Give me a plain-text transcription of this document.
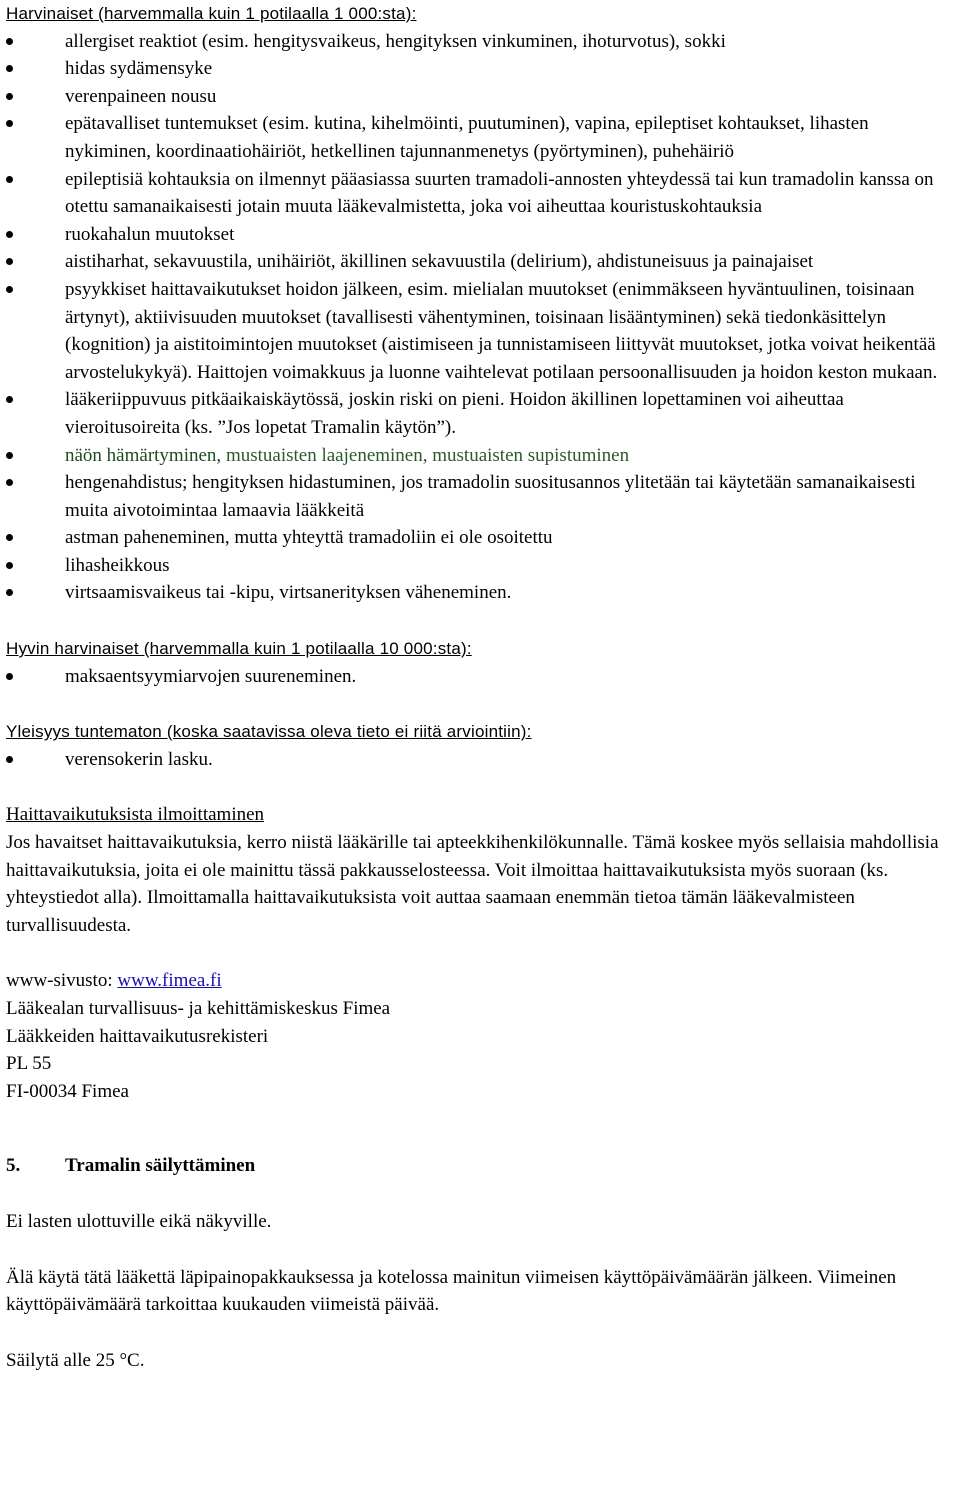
Harvinaiset (harvemmalla kuin 1 potilaalla 1 000:sta):

allergiset reaktiot (esim. hengitysvaikeus, hengityksen vinkuminen, ihoturvotus), sokki
hidas sydämensyke
verenpaineen nousu
epätavalliset tuntemukset (esim. kutina, kihelmöinti, puutuminen), vapina, epileptiset kohtaukset, lihasten nykiminen, koordinaatiohäiriöt, hetkellinen tajunnanmenetys (pyörtyminen), puhehäiriö
epileptisiä kohtauksia on ilmennyt pääasiassa suurten tramadoli-annosten yhteydessä tai kun tramadolin kanssa on otettu samanaikaisesti jotain muuta lääkevalmistetta, joka voi aiheuttaa kouristuskohtauksia
ruokahalun muutokset
aistiharhat, sekavuustila, unihäiriöt, äkillinen sekavuustila (delirium), ahdistuneisuus ja painajaiset
psyykkiset haittavaikutukset hoidon jälkeen, esim. mielialan muutokset (enimmäkseen hyväntuulinen, toisinaan ärtynyt), aktiivisuuden muutokset (tavallisesti vähentyminen, toisinaan lisääntyminen) sekä tiedonkäsittelyn (kognition) ja aistitoimintojen muutokset (aistimiseen ja tunnistamiseen liittyvät muutokset, jotka voivat heikentää arvostelukykyä). Haittojen voimakkuus ja luonne vaihtelevat potilaan persoonallisuuden ja hoidon keston mukaan.
lääkeriippuvuus pitkäaikaiskäytössä, joskin riski on pieni. Hoidon äkillinen lopettaminen voi aiheuttaa vieroitusoireita (ks. ”Jos lopetat Tramalin käytön”).
näön hämärtyminen, mustuaisten laajeneminen, mustuaisten supistuminen
hengenahdistus; hengityksen hidastuminen, jos tramadolin suositusannos ylitetään tai käytetään samanaikaisesti muita aivotoimintaa lamaavia lääkkeitä
astman paheneminen, mutta yhteyttä tramadoliin ei ole osoitettu
lihasheikkous
virtsaamisvaikeus tai -kipu, virtsanerityksen väheneminen.

Hyvin harvinaiset (harvemmalla kuin 1 potilaalla 10 000:sta):

maksaentsyymiarvojen suureneminen.

Yleisyys tuntematon (koska saatavissa oleva tieto ei riitä arviointiin):

verensokerin lasku.

Haittavaikutuksista ilmoittaminen

Jos havaitset haittavaikutuksia, kerro niistä lääkärille tai apteekkihenkilökunnalle. Tämä koskee myös sellaisia mahdollisia haittavaikutuksia, joita ei ole mainittu tässä pakkausselosteessa. Voit ilmoittaa haittavaikutuksista myös suoraan (ks. yhteystiedot alla). Ilmoittamalla haittavaikutuksista voit auttaa saamaan enemmän tietoa tämän lääkevalmisteen turvallisuudesta.

www-sivusto: www.fimea.fi

Lääkealan turvallisuus- ja kehittämiskeskus Fimea

Lääkkeiden haittavaikutusrekisteri

PL 55

FI-00034 Fimea

5. Tramalin säilyttäminen

Ei lasten ulottuville eikä näkyville.

Älä käytä tätä lääkettä läpipainopakkauksessa ja kotelossa mainitun viimeisen käyttöpäivämäärän jälkeen. Viimeinen käyttöpäivämäärä tarkoittaa kuukauden viimeistä päivää.

Säilytä alle 25 °C.
